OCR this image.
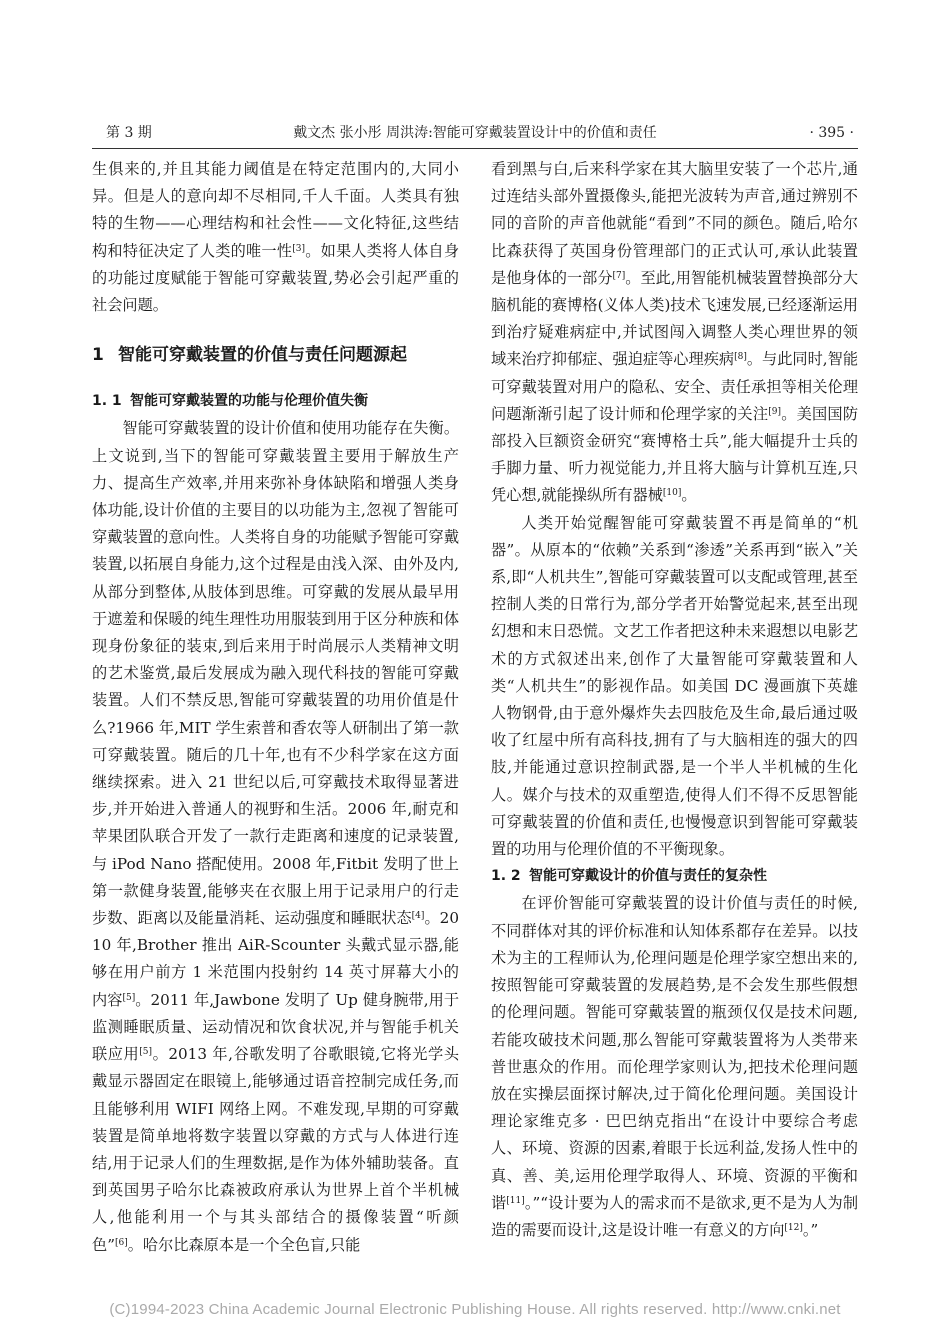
第 3 期	戴文杰 张小彤 周洪涛:智能可穿戴装置设计中的价值和责任	· 395 ·

生俱来的,并且其能力阈值是在特定范围内的,大同小异。但是人的意向却不尽相同,千人千面。人类具有独特的生物——心理结构和社会性——文化特征,这些结构和特征决定了人类的唯一性[3]。如果人类将人体自身的功能过度赋能于智能可穿戴装置,势必会引起严重的社会问题。

1 智能可穿戴装置的价值与责任问题源起
1. 1 智能可穿戴装置的功能与伦理价值失衡

智能可穿戴装置的设计价值和使用功能存在失衡。上文说到,当下的智能可穿戴装置主要用于解放生产力、提高生产效率,并用来弥补身体缺陷和增强人类身体功能,设计价值的主要目的以功能为主,忽视了智能可穿戴装置的意向性。人类将自身的功能赋予智能可穿戴装置,以拓展自身能力,这个过程是由浅入深、由外及内,从部分到整体,从肢体到思维。可穿戴的发展从最早用于遮羞和保暖的纯生理性功用服装到用于区分种族和体现身份象征的装束,到后来用于时尚展示人类精神文明的艺术鉴赏,最后发展成为融入现代科技的智能可穿戴装置。人们不禁反思,智能可穿戴装置的功用价值是什么?1966 年,MIT 学生索普和香农等人研制出了第一款可穿戴装置。随后的几十年,也有不少科学家在这方面继续探索。进入 21 世纪以后,可穿戴技术取得显著进步,并开始进入普通人的视野和生活。2006 年,耐克和苹果团队联合开发了一款行走距离和速度的记录装置,与 iPod Nano 搭配使用。2008 年,Fitbit 发明了世上第一款健身装置,能够夹在衣服上用于记录用户的行走步数、距离以及能量消耗、运动强度和睡眠状态[4]。2010 年,Brother 推出 AiR-Scounter 头戴式显示器,能够在用户前方 1 米范围内投射约 14 英寸屏幕大小的内容[5]。2011 年,Jawbone 发明了 Up 健身腕带,用于监测睡眠质量、运动情况和饮食状况,并与智能手机关联应用[5]。2013 年,谷歌发明了谷歌眼镜,它将光学头戴显示器固定在眼镜上,能够通过语音控制完成任务,而且能够利用 WIFI 网络上网。不难发现,早期的可穿戴装置是简单地将数字装置以穿戴的方式与人体进行连结,用于记录人们的生理数据,是作为体外辅助装备。直到英国男子哈尔比森被政府承认为世界上首个半机械人,他能利用一个与其头部结合的摄像装置“听颜色”[6]。哈尔比森原本是一个全色盲,只能

看到黑与白,后来科学家在其大脑里安装了一个芯片,通过连结头部外置摄像头,能把光波转为声音,通过辨别不同的音阶的声音他就能“看到”不同的颜色。随后,哈尔比森获得了英国身份管理部门的正式认可,承认此装置是他身体的一部分[7]。至此,用智能机械装置替换部分大脑机能的赛博格(义体人类)技术飞速发展,已经逐渐运用到治疗疑难病症中,并试图闯入调整人类心理世界的领域来治疗抑郁症、强迫症等心理疾病[8]。与此同时,智能可穿戴装置对用户的隐私、安全、责任承担等相关伦理问题渐渐引起了设计师和伦理学家的关注[9]。美国国防部投入巨额资金研究“赛博格士兵”,能大幅提升士兵的手脚力量、听力视觉能力,并且将大脑与计算机互连,只凭心想,就能操纵所有器械[10]。

人类开始觉醒智能可穿戴装置不再是简单的“机器”。从原本的“依赖”关系到“渗透”关系再到“嵌入”关系,即“人机共生”,智能可穿戴装置可以支配或管理,甚至控制人类的日常行为,部分学者开始警觉起来,甚至出现幻想和末日恐慌。文艺工作者把这种未来遐想以电影艺术的方式叙述出来,创作了大量智能可穿戴装置和人类“人机共生”的影视作品。如美国 DC 漫画旗下英雄人物钢骨,由于意外爆炸失去四肢危及生命,最后通过吸收了红屋中所有高科技,拥有了与大脑相连的强大的四肢,并能通过意识控制武器,是一个半人半机械的生化人。媒介与技术的双重塑造,使得人们不得不反思智能可穿戴装置的价值和责任,也慢慢意识到智能可穿戴装置的功用与伦理价值的不平衡现象。

1. 2 智能可穿戴设计的价值与责任的复杂性

在评价智能可穿戴装置的设计价值与责任的时候,不同群体对其的评价标准和认知体系都存在差异。以技术为主的工程师认为,伦理问题是伦理学家空想出来的,按照智能可穿戴装置的发展趋势,是不会发生那些假想的伦理问题。智能可穿戴装置的瓶颈仅仅是技术问题,若能攻破技术问题,那么智能可穿戴装置将为人类带来普世惠众的作用。而伦理学家则认为,把技术伦理问题放在实操层面探讨解决,过于简化伦理问题。美国设计理论家维克多 · 巴巴纳克指出“在设计中要综合考虑人、环境、资源的因素,着眼于长远利益,发扬人性中的真、善、美,运用伦理学取得人、环境、资源的平衡和谐[11]。”“设计要为人的需求而不是欲求,更不是为人为制造的需要而设计,这是设计唯一有意义的方向[12]。”

(C)1994-2023 China Academic Journal Electronic Publishing House. All rights reserved. http://www.cnki.net
